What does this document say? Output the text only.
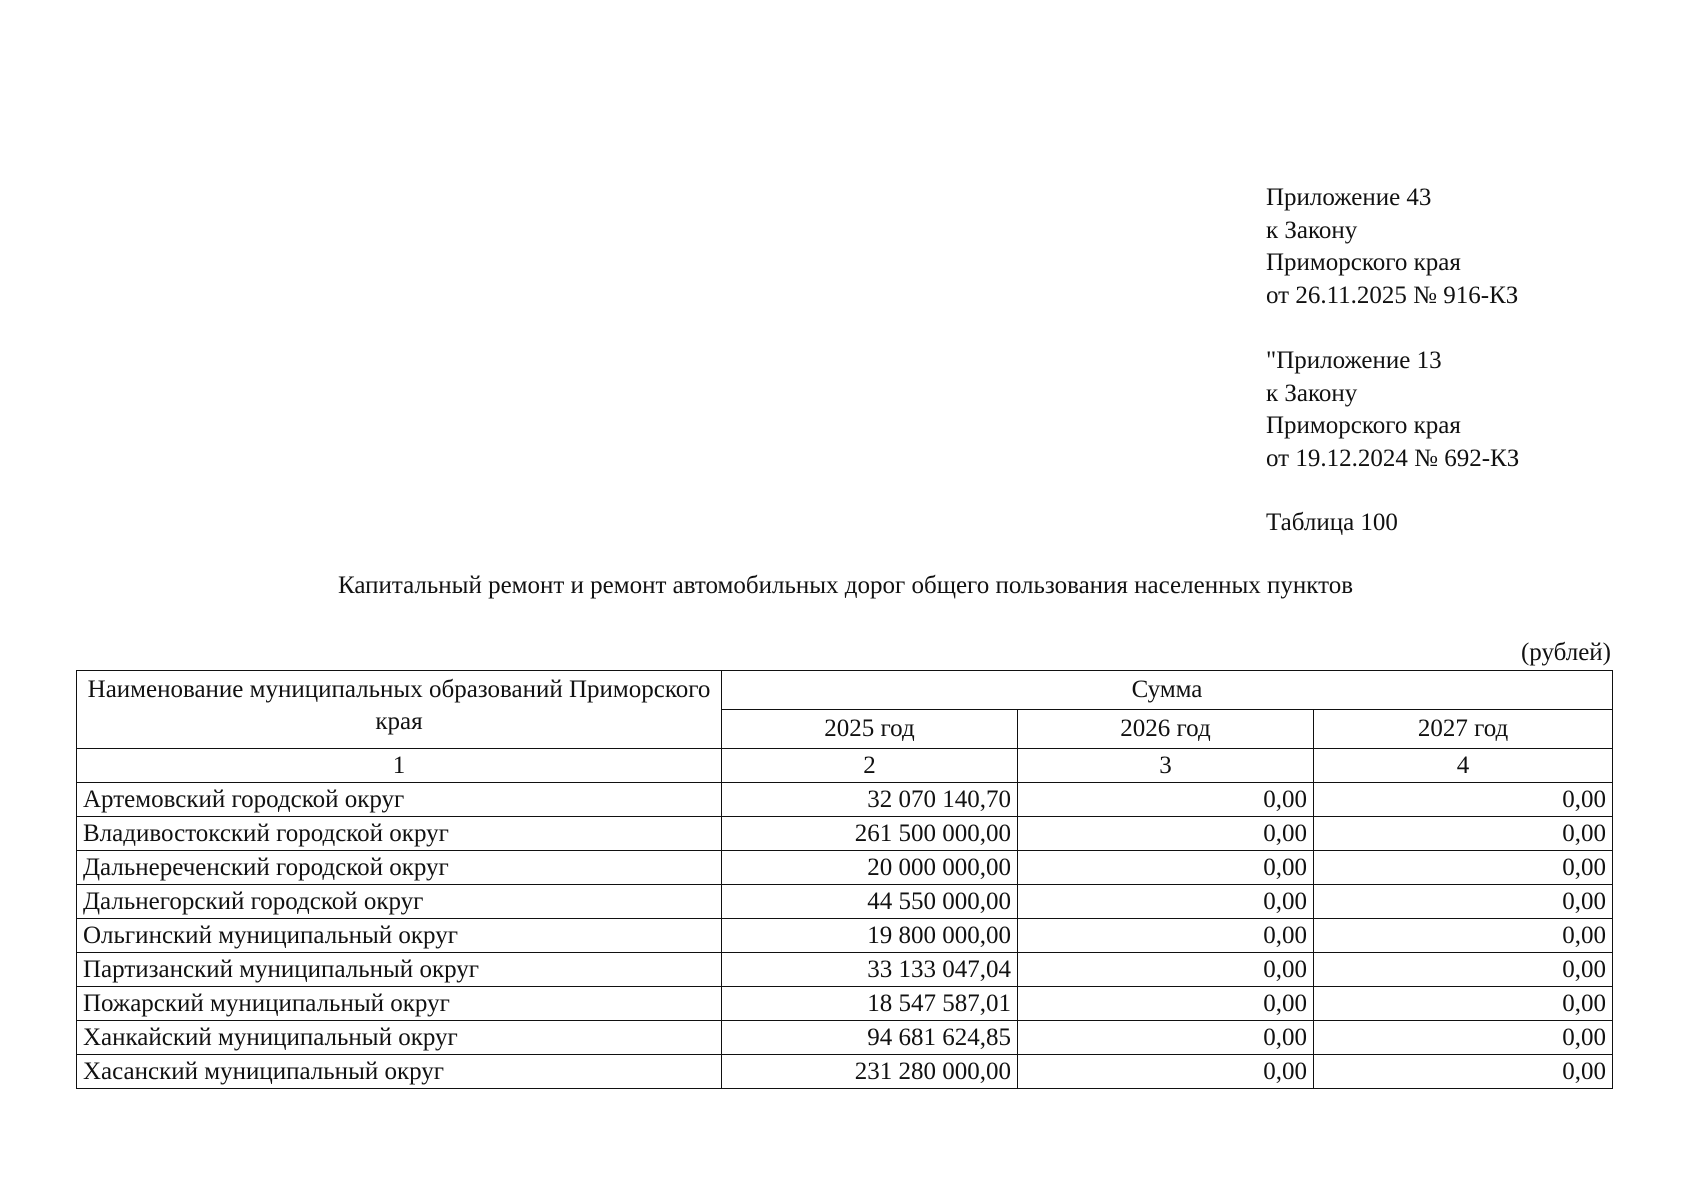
Приложение 43
к Закону
Приморского края
от 26.11.2025 № 916-КЗ
"Приложение 13
к Закону
Приморского края
от 19.12.2024 № 692-КЗ
Таблица 100
Капитальный ремонт и ремонт автомобильных дорог общего пользования населенных пунктов
(рублей)
Наименование муниципальных образований Приморского края	Сумма		
	2025 год	2026 год	2027 год
1	2	3	4
Артемовский городской округ	32 070 140,70	0,00	0,00
Владивостокский городской округ	261 500 000,00	0,00	0,00
Дальнереченский городской округ	20 000 000,00	0,00	0,00
Дальнегорский городской округ	44 550 000,00	0,00	0,00
Ольгинский муниципальный округ	19 800 000,00	0,00	0,00
Партизанский муниципальный округ	33 133 047,04	0,00	0,00
Пожарский муниципальный округ	18 547 587,01	0,00	0,00
Ханкайский муниципальный округ	94 681 624,85	0,00	0,00
Хасанский муниципальный округ	231 280 000,00	0,00	0,00
